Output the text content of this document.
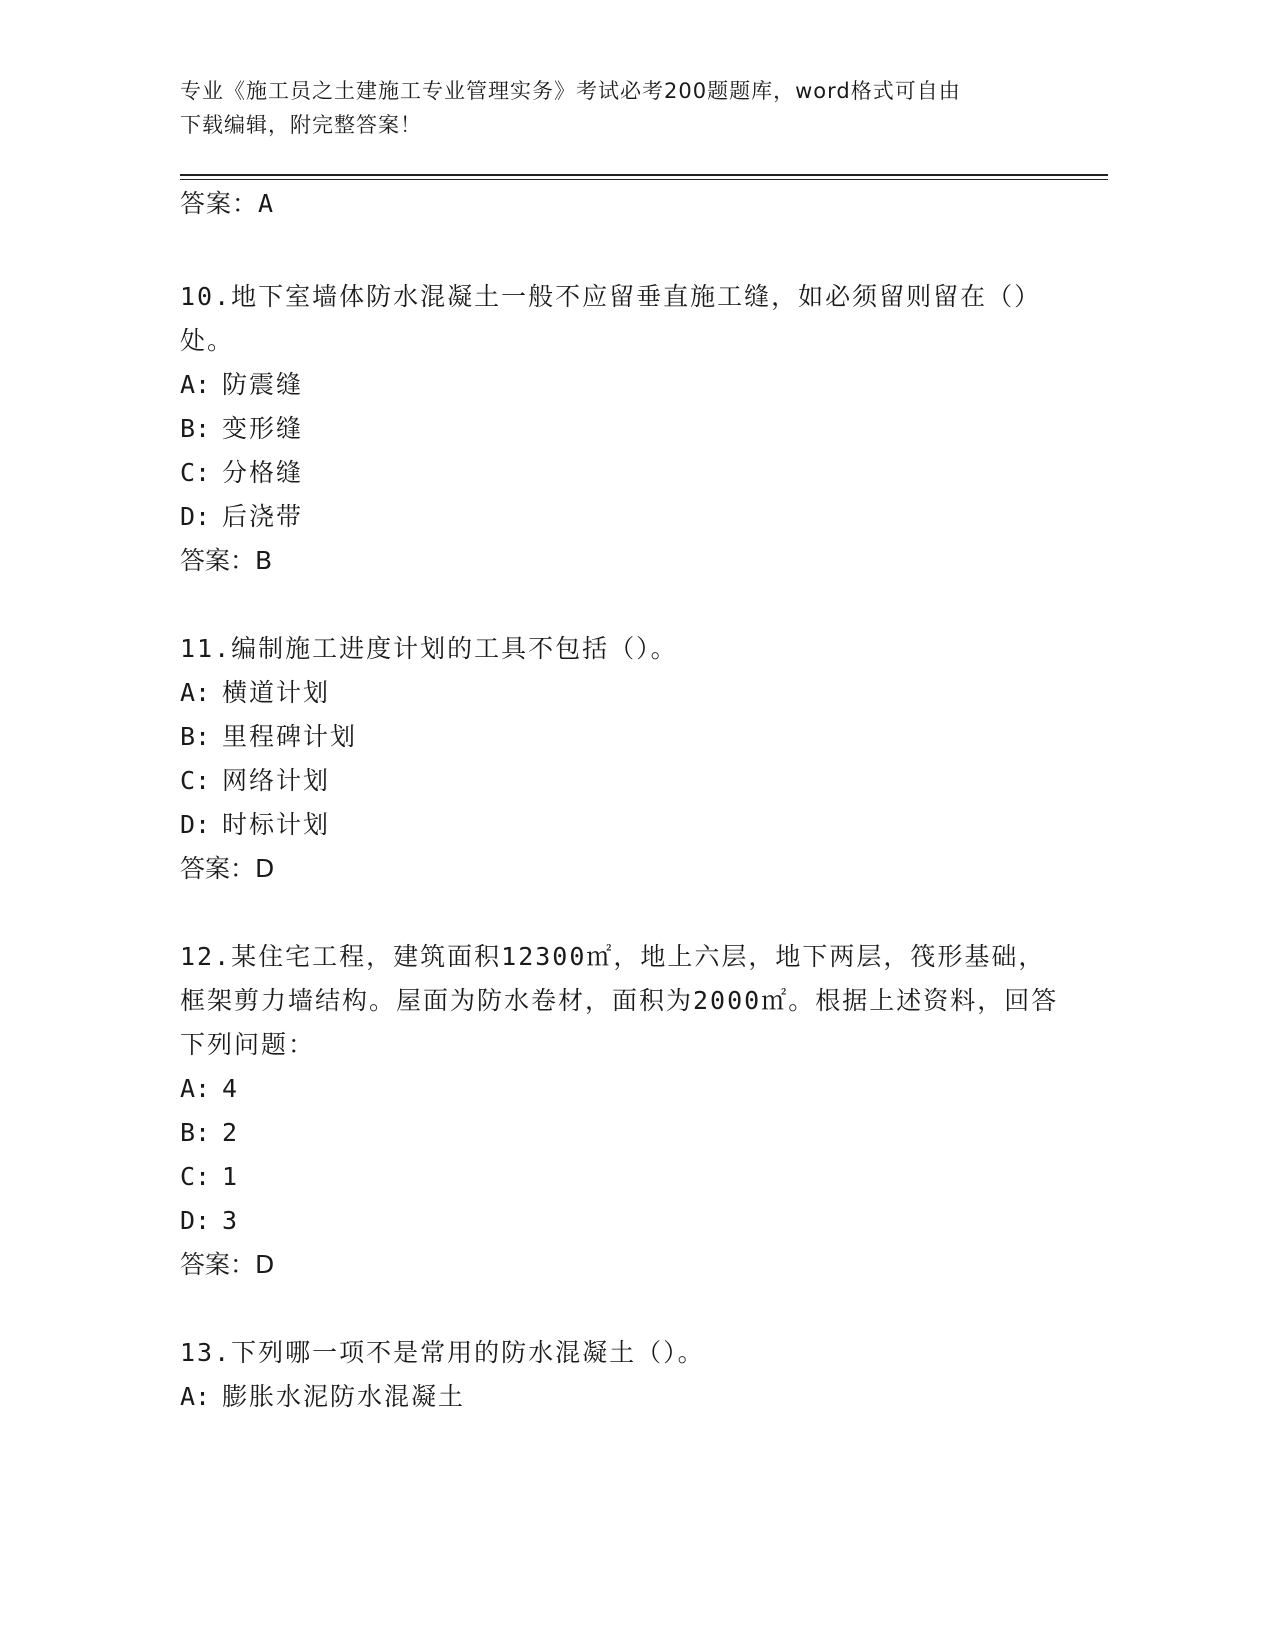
专业《施工员之土建施工专业管理实务》考试必考200题题库，word格式可自由
下载编辑，附完整答案！
答案：A

10.地下室墙体防水混凝土一般不应留垂直施工缝，如必须留则留在（）处。

A: 防震缝
B: 变形缝
C: 分格缝
D: 后浇带
答案：B

11.编制施工进度计划的工具不包括（）。

A: 横道计划
B: 里程碑计划
C: 网络计划
D: 时标计划
答案：D

12.某住宅工程，建筑面积12300㎡，地上六层，地下两层，筏形基础，框架剪力墙结构。屋面为防水卷材，面积为2000㎡。根据上述资料，回答下列问题：

A: 4
B: 2
C: 1
D: 3
答案：D

13.下列哪一项不是常用的防水混凝土（）。

A: 膨胀水泥防水混凝土
